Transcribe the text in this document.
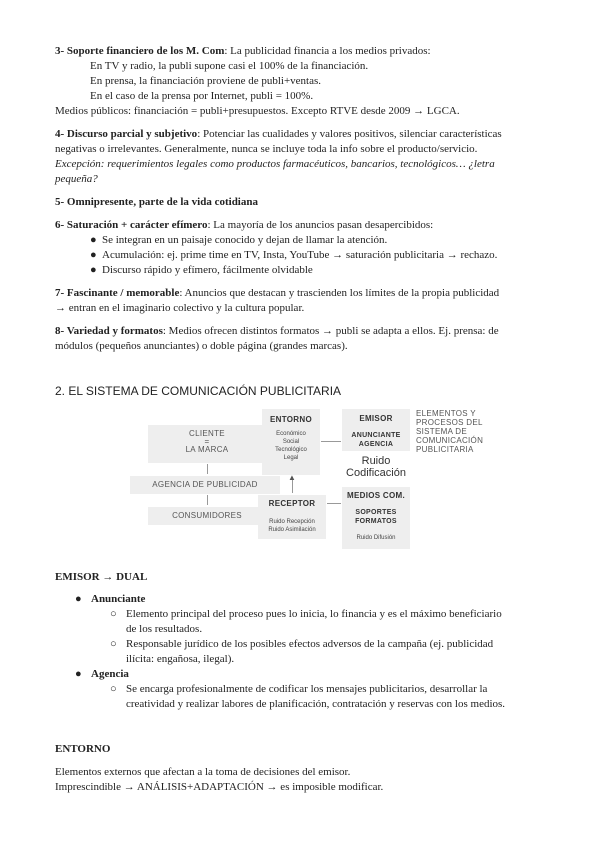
3- Soporte financiero de los M. Com: La publicidad financia a los medios privados:
En TV y radio, la publi supone casi el 100% de la financiación.
En prensa, la financiación proviene de publi+ventas.
En el caso de la prensa por Internet, publi = 100%.
Medios públicos: financiación = publi+presupuestos. Excepto RTVE desde 2009 → LGCA.
4- Discurso parcial y subjetivo: Potenciar las cualidades y valores positivos, silenciar características
negativas o irrelevantes. Generalmente, nunca se incluye toda la info sobre el producto/servicio.
Excepción: requerimientos legales como productos farmacéuticos, bancarios, tecnológicos… ¿letra
pequeña?
5- Omnipresente, parte de la vida cotidiana
6- Saturación + carácter efímero: La mayoría de los anuncios pasan desapercibidos:
● Se integran en un paisaje conocido y dejan de llamar la atención.
● Acumulación: ej. prime time en TV, Insta, YouTube → saturación publicitaria → rechazo.
● Discurso rápido y efímero, fácilmente olvidable
7- Fascinante / memorable: Anuncios que destacan y trascienden los límites de la propia publicidad
→ entran en el imaginario colectivo y la cultura popular.
8- Variedad y formatos: Medios ofrecen distintos formatos → publi se adapta a ellos. Ej. prensa: de
módulos (pequeños anunciantes) o doble página (grandes marcas).
2. EL SISTEMA DE COMUNICACIÓN PUBLICITARIA
CLIENTE
=
LA MARCA
AGENCIA DE PUBLICIDAD
CONSUMIDORES
ENTORNO
Económico
Social
Tecnológico
Legal
EMISOR
ANUNCIANTE
AGENCIA
Ruido Codificación
ELEMENTOS Y
PROCESOS DEL
SISTEMA DE
COMUNICACIÓN
PUBLICITARIA
▲
RECEPTOR
Ruido Recepción
Ruido Asimilación
MEDIOS COM.
SOPORTES
FORMATOS
Ruido Difusión
EMISOR → DUAL
● Anunciante
○ Elemento principal del proceso pues lo inicia, lo financia y es el máximo beneficiario
de los resultados.
○ Responsable jurídico de los posibles efectos adversos de la campaña (ej. publicidad
ilícita: engañosa, ilegal).
● Agencia
○ Se encarga profesionalmente de codificar los mensajes publicitarios, desarrollar la
creatividad y realizar labores de planificación, contratación y reservas con los medios.
ENTORNO
Elementos externos que afectan a la toma de decisiones del emisor.
Imprescindible → ANÁLISIS+ADAPTACIÓN → es imposible modificar.
